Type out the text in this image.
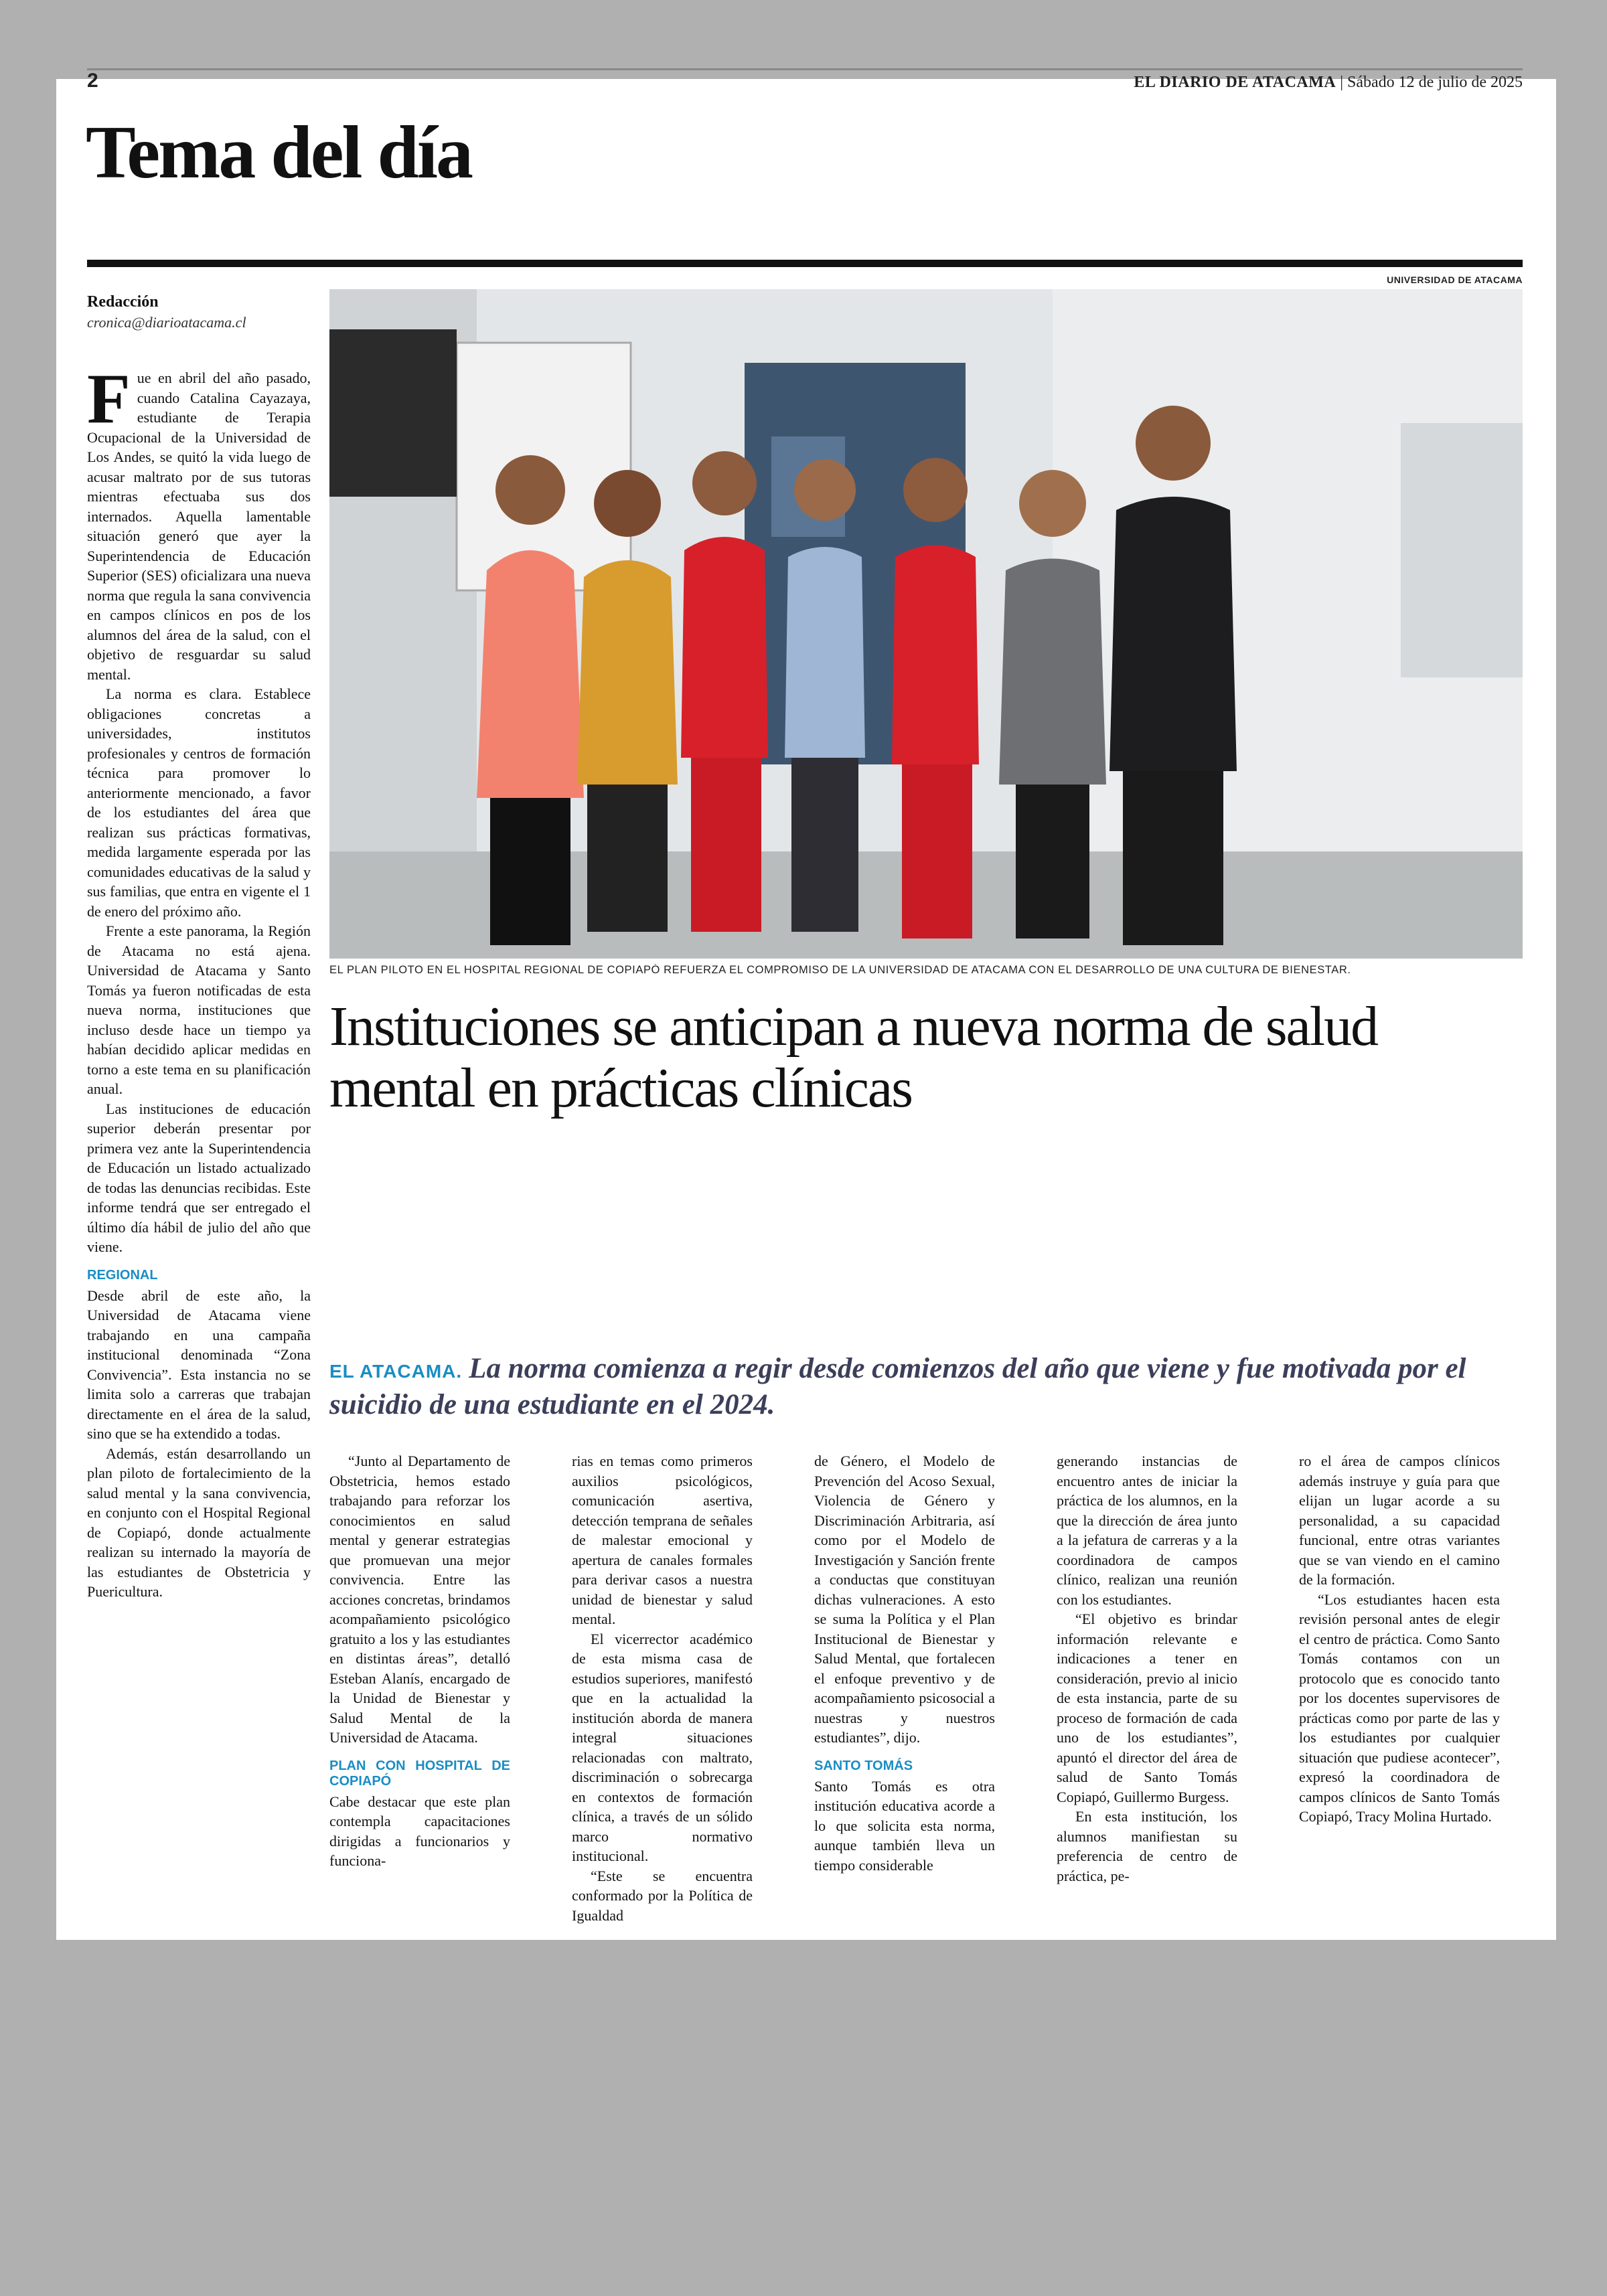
2	EL DIARIO DE ATACAMA | Sábado 12 de julio de 2025
Tema del día
UNIVERSIDAD DE ATACAMA
EL PLAN PILOTO EN EL HOSPITAL REGIONAL DE COPIAPÓ REFUERZA EL COMPROMISO DE LA UNIVERSIDAD DE ATACAMA CON EL DESARROLLO DE UNA CULTURA DE BIENESTAR.
Redacción
cronica@diarioatacama.cl

Fue en abril del año pasado, cuando Catalina Cayazaya, estudiante de Terapia Ocupacional de la Universidad de Los Andes, se quitó la vida luego de acusar maltrato por de sus tutoras mientras efectuaba sus dos internados. Aquella lamentable situación generó que ayer la Superintendencia de Educación Superior (SES) oficializara una nueva norma que regula la sana convivencia en campos clínicos en pos de los alumnos del área de la salud, con el objetivo de resguardar su salud mental.

La norma es clara. Establece obligaciones concretas a universidades, institutos profesionales y centros de formación técnica para promover lo anteriormente mencionado, a favor de los estudiantes del área que realizan sus prácticas formativas, medida largamente esperada por las comunidades educativas de la salud y sus familias, que entra en vigente el 1 de enero del próximo año.

Frente a este panorama, la Región de Atacama no está ajena. Universidad de Atacama y Santo Tomás ya fueron notificadas de esta nueva norma, instituciones que incluso desde hace un tiempo ya habían decidido aplicar medidas en torno a este tema en su planificación anual.

Las instituciones de educación superior deberán presentar por primera vez ante la Superintendencia de Educación un listado actualizado de todas las denuncias recibidas. Este informe tendrá que ser entregado el último día hábil de julio del año que viene.

REGIONAL

Desde abril de este año, la Universidad de Atacama viene trabajando en una campaña institucional denominada “Zona Convivencia”. Esta instancia no se limita solo a carreras que trabajan directamente en el área de la salud, sino que se ha extendido a todas.

Además, están desarrollando un plan piloto de fortalecimiento de la salud mental y la sana convivencia, en conjunto con el Hospital Regional de Copiapó, donde actualmente realizan su internado la mayoría de las estudiantes de Obstetricia y Puericultura.

Instituciones se anticipan a nueva norma de salud mental en prácticas clínicas
EL ATACAMA. La norma comienza a regir desde comienzos del año que viene y fue motivada por el suicidio de una estudiante en el 2024.

“Junto al Departamento de Obstetricia, hemos estado trabajando para reforzar los conocimientos en salud mental y generar estrategias que promuevan una mejor convivencia. Entre las acciones concretas, brindamos acompañamiento psicológico gratuito a los y las estudiantes en distintas áreas”, detalló Esteban Alanís, encargado de la Unidad de Bienestar y Salud Mental de la Universidad de Atacama.

PLAN CON HOSPITAL DE COPIAPÓ

Cabe destacar que este plan contempla capacitaciones dirigidas a funcionarios y funciona-

rias en temas como primeros auxilios psicológicos, comunicación asertiva, detección temprana de señales de malestar emocional y apertura de canales formales para derivar casos a nuestra unidad de bienestar y salud mental.

El vicerrector académico de esta misma casa de estudios superiores, manifestó que en la actualidad la institución aborda de manera integral situaciones relacionadas con maltrato, discriminación o sobrecarga en contextos de formación clínica, a través de un sólido marco normativo institucional.

“Este se encuentra conformado por la Política de Igualdad

de Género, el Modelo de Prevención del Acoso Sexual, Violencia de Género y Discriminación Arbitraria, así como por el Modelo de Investigación y Sanción frente a conductas que constituyan dichas vulneraciones. A esto se suma la Política y el Plan Institucional de Bienestar y Salud Mental, que fortalecen el enfoque preventivo y de acompañamiento psicosocial a nuestras y nuestros estudiantes”, dijo.

SANTO TOMÁS

Santo Tomás es otra institución educativa acorde a lo que solicita esta norma, aunque también lleva un tiempo considerable

generando instancias de encuentro antes de iniciar la práctica de los alumnos, en la que la dirección de área junto a la jefatura de carreras y a la coordinadora de campos clínico, realizan una reunión con los estudiantes.

“El objetivo es brindar información relevante e indicaciones a tener en consideración, previo al inicio de esta instancia, parte de su proceso de formación de cada uno de los estudiantes”, apuntó el director del área de salud de Santo Tomás Copiapó, Guillermo Burgess.

En esta institución, los alumnos manifiestan su preferencia de centro de práctica, pe-

ro el área de campos clínicos además instruye y guía para que elijan un lugar acorde a su personalidad, a su capacidad funcional, entre otras variantes que se van viendo en el camino de la formación.

“Los estudiantes hacen esta revisión personal antes de elegir el centro de práctica. Como Santo Tomás contamos con un protocolo que es conocido tanto por los docentes supervisores de prácticas como por parte de las y los estudiantes por cualquier situación que pudiese acontecer”, expresó la coordinadora de campos clínicos de Santo Tomás Copiapó, Tracy Molina Hurtado.
